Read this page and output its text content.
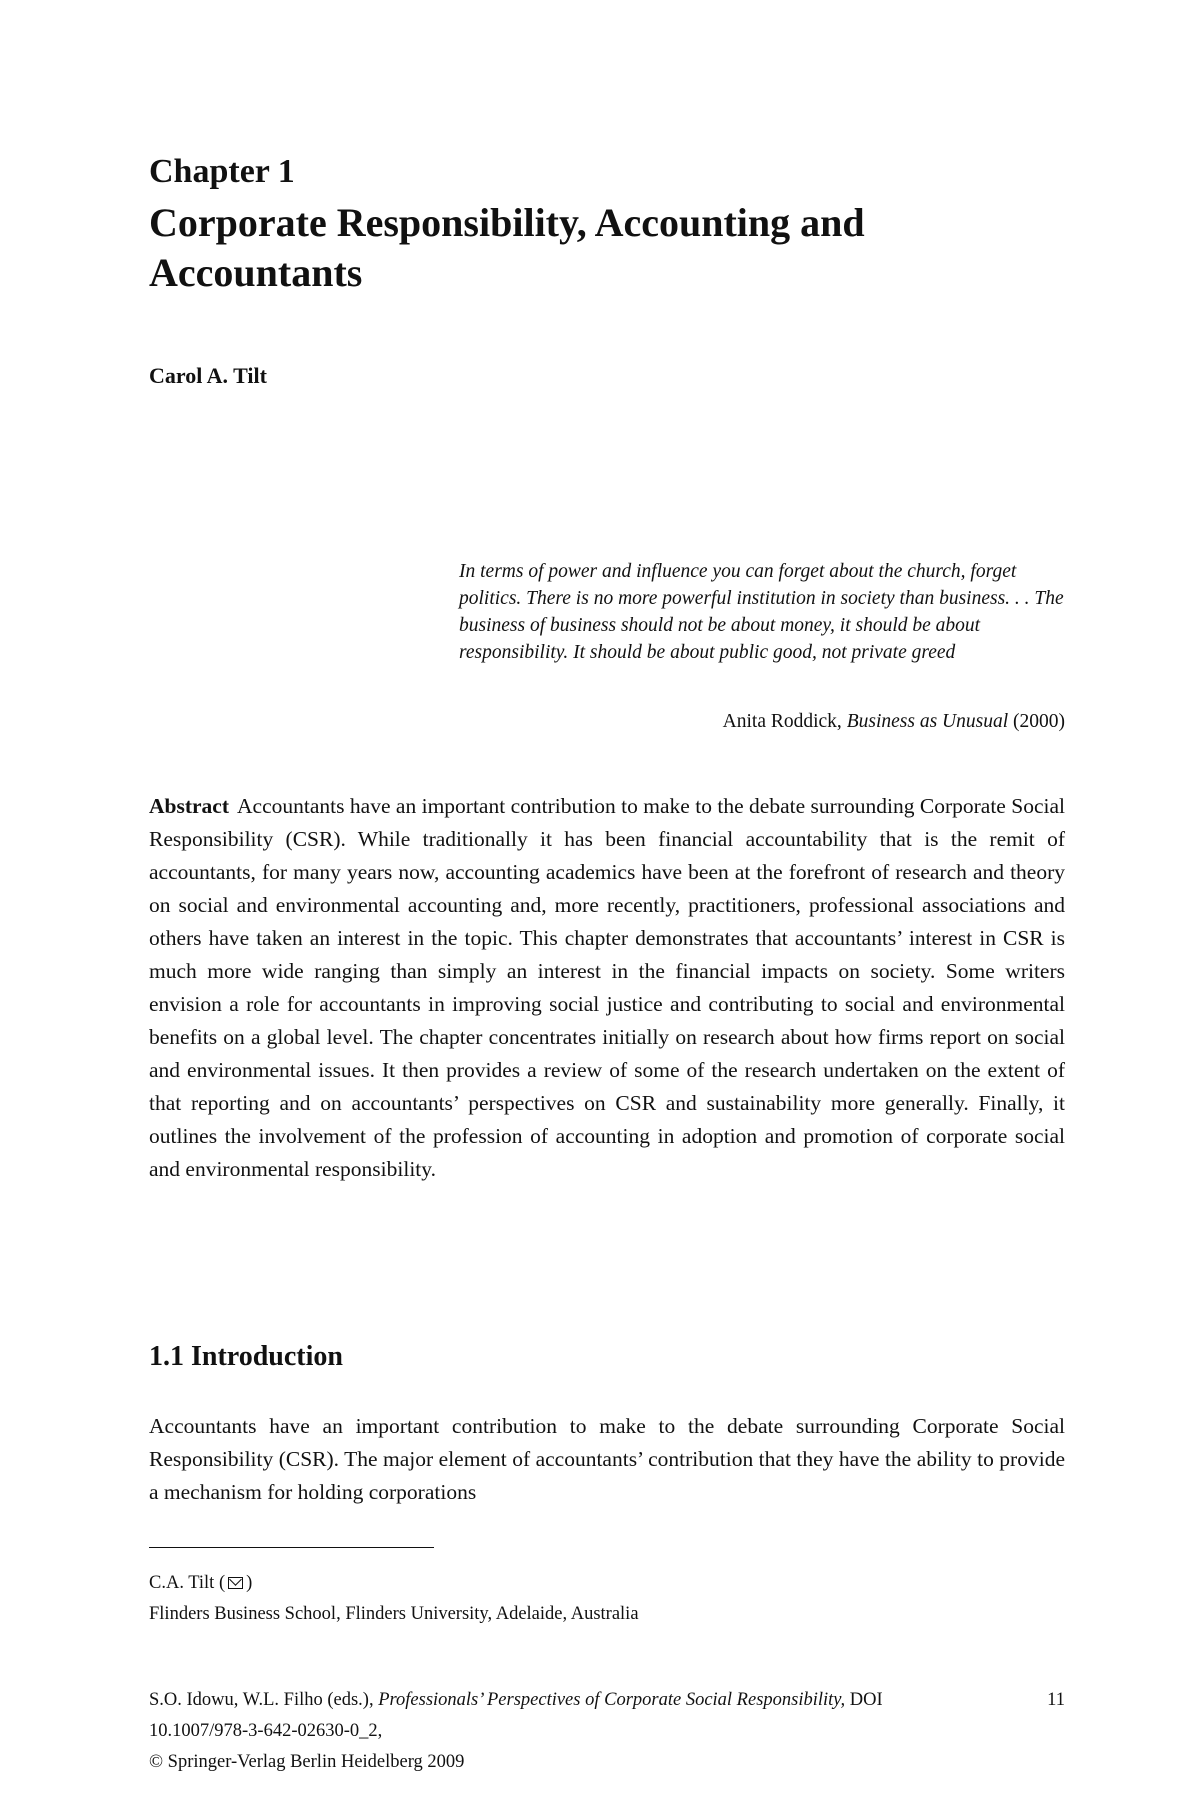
Chapter 1
Corporate Responsibility, Accounting and Accountants
Carol A. Tilt
In terms of power and influence you can forget about the church, forget politics. There is no more powerful institution in society than business. . . The business of business should not be about money, it should be about responsibility. It should be about public good, not private greed
Anita Roddick, Business as Unusual (2000)
Abstract Accountants have an important contribution to make to the debate surrounding Corporate Social Responsibility (CSR). While traditionally it has been financial accountability that is the remit of accountants, for many years now, accounting academics have been at the forefront of research and theory on social and environmental accounting and, more recently, practitioners, professional associations and others have taken an interest in the topic. This chapter demonstrates that accountants’ interest in CSR is much more wide ranging than simply an interest in the financial impacts on society. Some writers envision a role for accountants in improving social justice and contributing to social and environmental benefits on a global level. The chapter concentrates initially on research about how firms report on social and environmental issues. It then provides a review of some of the research undertaken on the extent of that reporting and on accountants’ perspectives on CSR and sustainability more generally. Finally, it outlines the involvement of the profession of accounting in adoption and promotion of corporate social and environmental responsibility.
1.1 Introduction
Accountants have an important contribution to make to the debate surrounding Corporate Social Responsibility (CSR). The major element of accountants’ contribution that they have the ability to provide a mechanism for holding corporations
C.A. Tilt ( )
Flinders Business School, Flinders University, Adelaide, Australia
S.O. Idowu, W.L. Filho (eds.), Professionals’ Perspectives of Corporate Social Responsibility, DOI 10.1007/978-3-642-02630-0_2,
© Springer-Verlag Berlin Heidelberg 2009
11
